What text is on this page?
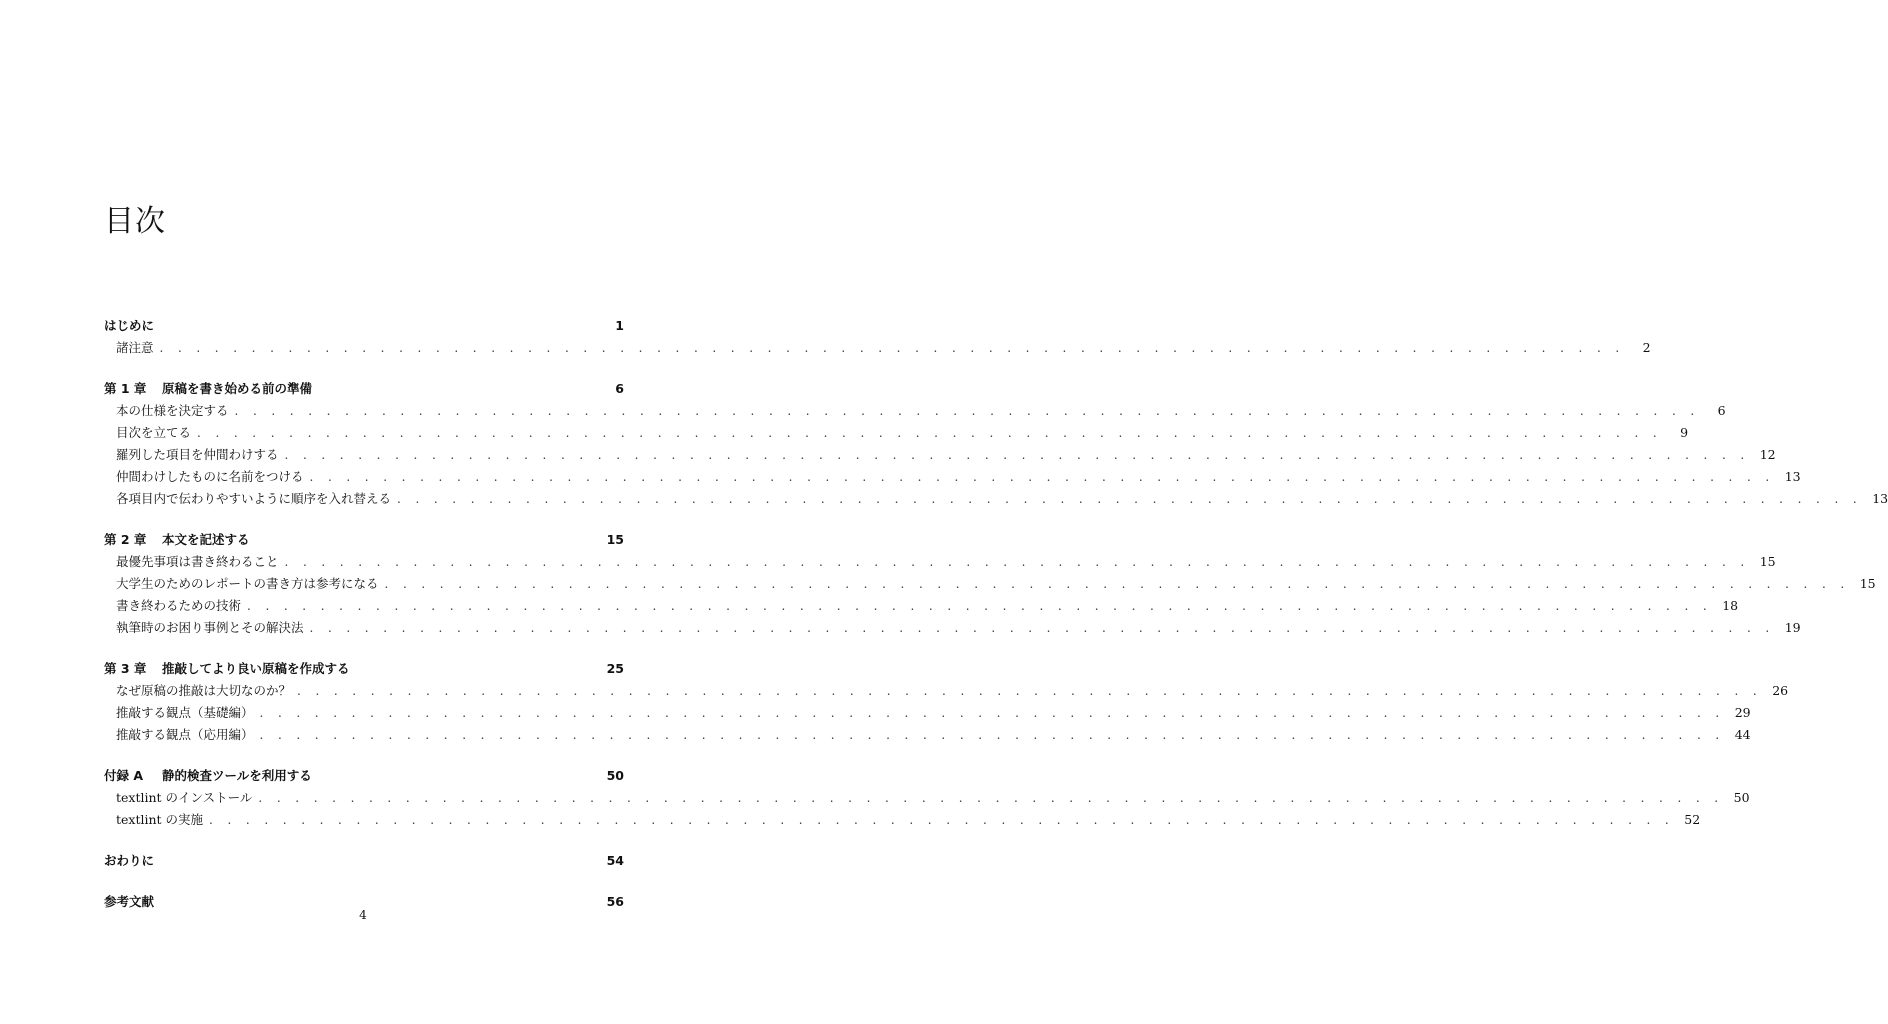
目次
はじめに	1
諸注意 . . . . . . . . . . . . . . . . . . . . . . . . . . . . . . . . . . . . . . . . . . . . . . . . . . . . . . . . . . . . . . . . . . . . . . . . . . . . . . . .	2
第 1 章	原稿を書き始める前の準備	6
本の仕様を決定する . . . . . . . . . . . . . . . . . . . . . . . . . . . . . . . . . . . . . . . . . . . . . . . . . . . . . . . . . . . . . . . . . . . . . . . . . . . . . . . .	6
目次を立てる . . . . . . . . . . . . . . . . . . . . . . . . . . . . . . . . . . . . . . . . . . . . . . . . . . . . . . . . . . . . . . . . . . . . . . . . . . . . . . . .	9
羅列した項目を仲間わけする . . . . . . . . . . . . . . . . . . . . . . . . . . . . . . . . . . . . . . . . . . . . . . . . . . . . . . . . . . . . . . . . . . . . . . . . . . . . . . . . 12
仲間わけしたものに名前をつける . . . . . . . . . . . . . . . . . . . . . . . . . . . . . . . . . . . . . . . . . . . . . . . . . . . . . . . . . . . . . . . . . . . . . . . . . . . . . . . . 13
各項目内で伝わりやすいように順序を入れ替える . . . . . . . . . . . . . . . . . . . . . . . . . . . . . . . . . . . . . . . . . . . . . . . . . . . . . . . . . . . . . . . . . . . . . . . . . . . . . . . . 13
第 2 章	本文を記述する	15
最優先事項は書き終わること . . . . . . . . . . . . . . . . . . . . . . . . . . . . . . . . . . . . . . . . . . . . . . . . . . . . . . . . . . . . . . . . . . . . . . . . . . . . . . . . 15
大学生のためのレポートの書き方は参考になる . . . . . . . . . . . . . . . . . . . . . . . . . . . . . . . . . . . . . . . . . . . . . . . . . . . . . . . . . . . . . . . . . . . . . . . . . . . . . . . . 15
書き終わるための技術 . . . . . . . . . . . . . . . . . . . . . . . . . . . . . . . . . . . . . . . . . . . . . . . . . . . . . . . . . . . . . . . . . . . . . . . . . . . . . . . . 18
執筆時のお困り事例とその解決法 . . . . . . . . . . . . . . . . . . . . . . . . . . . . . . . . . . . . . . . . . . . . . . . . . . . . . . . . . . . . . . . . . . . . . . . . . . . . . . . . 19
第 3 章	推敲してより良い原稿を作成する	25
なぜ原稿の推敲は大切なのか？ . . . . . . . . . . . . . . . . . . . . . . . . . . . . . . . . . . . . . . . . . . . . . . . . . . . . . . . . . . . . . . . . . . . . . . . . . . . . . . . . 26
推敲する観点（基礎編） . . . . . . . . . . . . . . . . . . . . . . . . . . . . . . . . . . . . . . . . . . . . . . . . . . . . . . . . . . . . . . . . . . . . . . . . . . . . . . . . 29
推敲する観点（応用編） . . . . . . . . . . . . . . . . . . . . . . . . . . . . . . . . . . . . . . . . . . . . . . . . . . . . . . . . . . . . . . . . . . . . . . . . . . . . . . . . 44
付録 A	静的検査ツールを利用する	50
textlint のインストール . . . . . . . . . . . . . . . . . . . . . . . . . . . . . . . . . . . . . . . . . . . . . . . . . . . . . . . . . . . . . . . . . . . . . . . . . . . . . . . . 50
textlint の実施 . . . . . . . . . . . . . . . . . . . . . . . . . . . . . . . . . . . . . . . . . . . . . . . . . . . . . . . . . . . . . . . . . . . . . . . . . . . . . . . . 52
おわりに	54
参考文献	56
4
